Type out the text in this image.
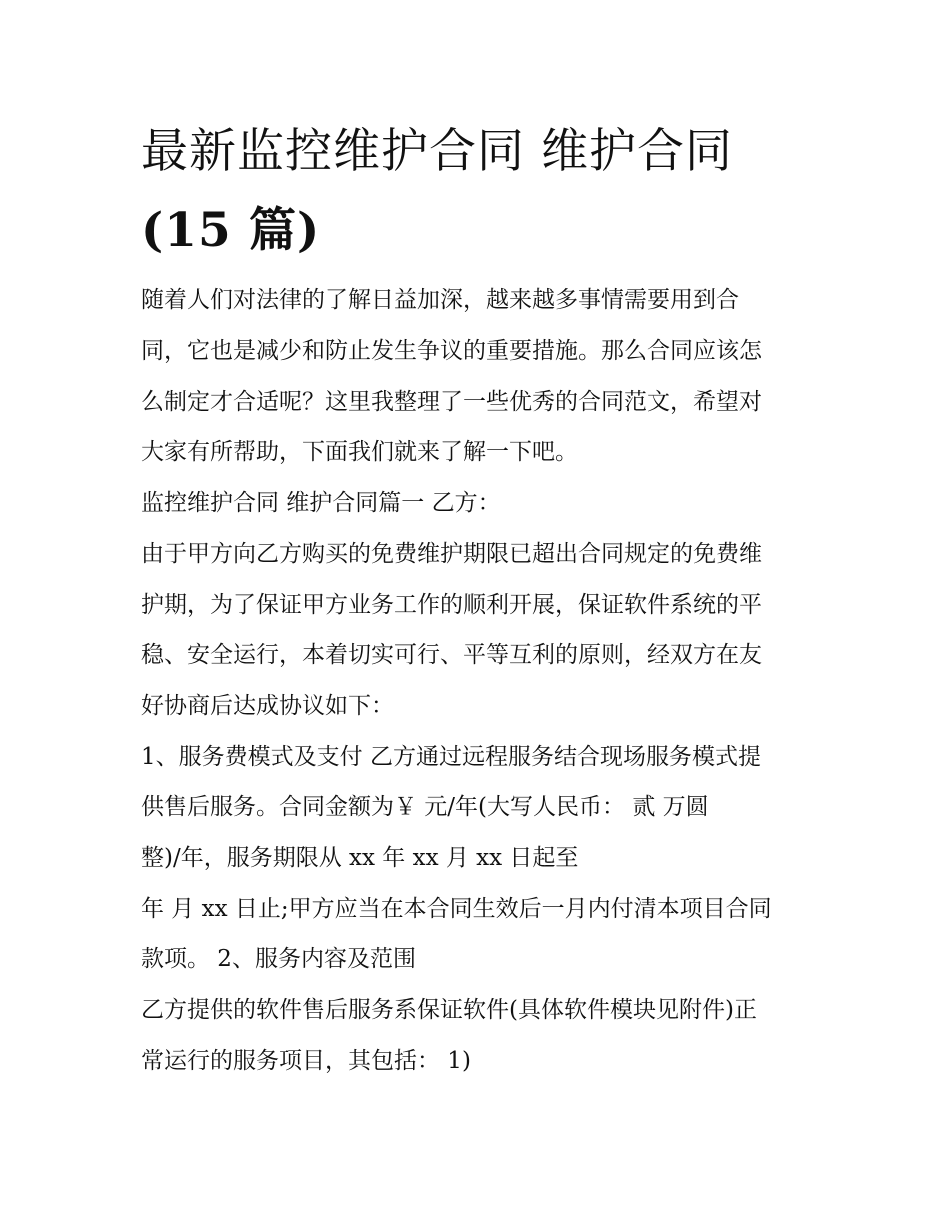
最新监控维护合同 维护合同
(15 篇)

随着人们对法律的了解日益加深，越来越多事情需要用到合

同，它也是减少和防止发生争议的重要措施。那么合同应该怎

么制定才合适呢？这里我整理了一些优秀的合同范文，希望对

大家有所帮助，下面我们就来了解一下吧。

监控维护合同 维护合同篇一 乙方：

由于甲方向乙方购买的免费维护期限已超出合同规定的免费维

护期，为了保证甲方业务工作的顺利开展，保证软件系统的平

稳、安全运行，本着切实可行、平等互利的原则，经双方在友

好协商后达成协议如下：

1、服务费模式及支付 乙方通过远程服务结合现场服务模式提

供售后服务。合同金额为￥ 元/年(大写人民币： 贰 万圆

整)/年，服务期限从 xx 年 xx 月 xx 日起至

年 月 xx 日止;甲方应当在本合同生效后一月内付清本项目合同

款项。 2、服务内容及范围

乙方提供的软件售后服务系保证软件(具体软件模块见附件)正

常运行的服务项目，其包括： 1)
